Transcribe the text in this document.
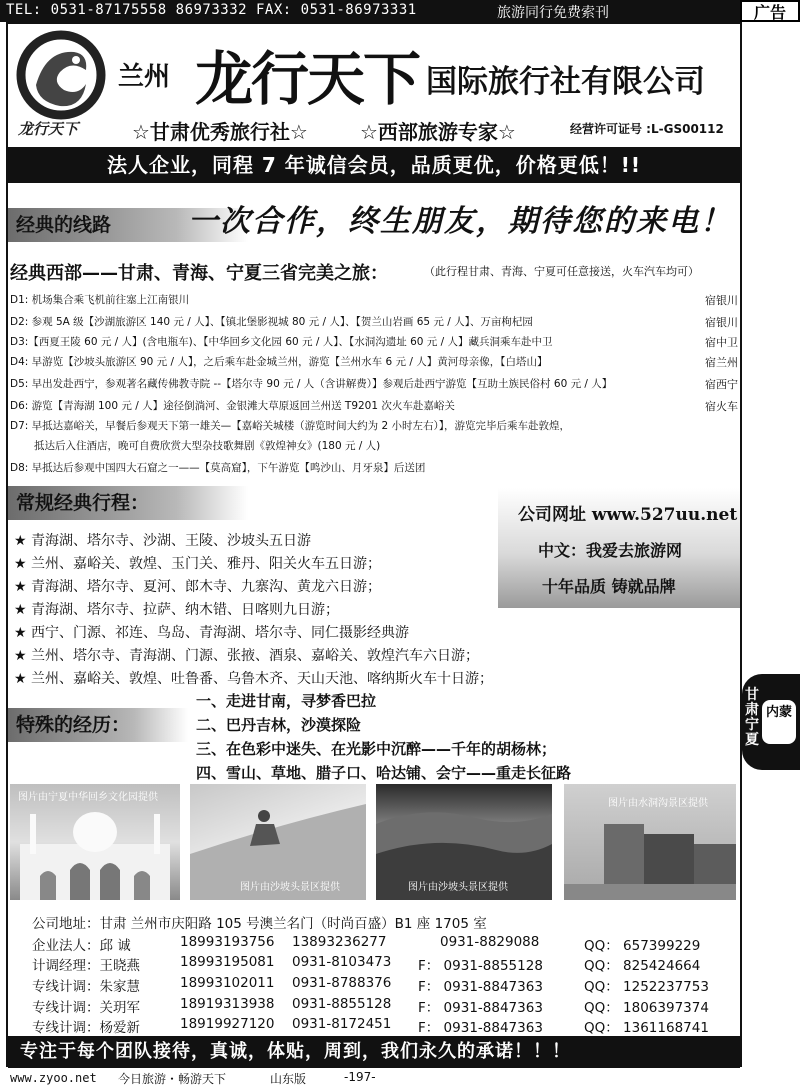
TEL: 0531-87175558 86973332 FAX: 0531-86973331	旅游同行免费索刊	广告
龙行天下
兰州 龙行天下 国际旅行社有限公司
☆甘肃优秀旅行社☆	☆西部旅游专家☆	经营许可证号 :L-GS00112
法人企业，同程 7 年诚信会员，品质更优，价格更低！!!
经典的线路	一次合作，终生朋友，期待您的来电！
经典西部——甘肃、青海、宁夏三省完美之旅：	（此行程甘肃、青海、宁夏可任意接送，火车汽车均可）
D1: 机场集合乘飞机前往塞上江南银川	宿银川
D2: 参观 5A 级【沙湖旅游区 140 元 / 人】、【镇北堡影视城 80 元 / 人】、【贺兰山岩画 65 元 / 人】、万亩枸杞园	宿银川
D3:【西夏王陵 60 元 / 人】(含电瓶车)、【中华回乡文化园 60 元 / 人】、【水洞沟遗址 60 元 / 人】藏兵洞乘车赴中卫	宿中卫
D4: 早游览【沙坡头旅游区 90 元 / 人】，之后乘车赴金城兰州，游览【兰州水车 6 元 / 人】黄河母亲像，【白塔山】	宿兰州
D5: 早出发赴西宁，参观著名藏传佛教寺院 --【塔尔寺 90 元 / 人（含讲解费）】参观后赴西宁游览【互助土族民俗村 60 元 / 人】	宿西宁
D6: 游览【青海湖 100 元 / 人】途径倒淌河、金银滩大草原返回兰州送 T9201 次火车赴嘉峪关	宿火车
D7: 早抵达嘉峪关，早餐后参观天下第一雄关—【嘉峪关城楼（游览时间大约为 2 小时左右）】，游览完毕后乘车赴敦煌，
抵达后入住酒店，晚可自费欣赏大型杂技歌舞剧《敦煌神女》(180 元 / 人)
D8: 早抵达后参观中国四大石窟之一——【莫高窟】，下午游览【鸣沙山、月牙泉】后送团
常规经典行程：
★ 青海湖、塔尔寺、沙湖、王陵、沙坡头五日游
★ 兰州、嘉峪关、敦煌、玉门关、雅丹、阳关火车五日游；
★ 青海湖、塔尔寺、夏河、郎木寺、九寨沟、黄龙六日游；
★ 青海湖、塔尔寺、拉萨、纳木错、日喀则九日游；
★ 西宁、门源、祁连、鸟岛、青海湖、塔尔寺、同仁摄影经典游
★ 兰州、塔尔寺、青海湖、门源、张掖、酒泉、嘉峪关、敦煌汽车六日游；
★ 兰州、嘉峪关、敦煌、吐鲁番、乌鲁木齐、天山天池、喀纳斯火车十日游；
公司网址 www.527uu.net
中文：我爱去旅游网
十年品质 铸就品牌
特殊的经历：
一、走进甘南，寻梦香巴拉
二、巴丹吉林，沙漠探险
三、在色彩中迷失、在光影中沉醉——千年的胡杨林；
四、雪山、草地、腊子口、哈达铺、会宁——重走长征路
甘肃宁夏
内蒙
图片由宁夏中华回乡文化园提供
图片由沙坡头景区提供	图片由沙坡头景区提供
图片由水洞沟景区提供
公司地址：甘肃 兰州市庆阳路 105 号澳兰名门（时尚百盛）B1 座 1705 室
企业法人：邱 诚	18993193756 13893236277	0931-8829088	QQ： 657399229
计调经理：王晓燕	18993195081 0931-8103473 F： 0931-8855128	QQ： 825424664
专线计调：朱家慧	18993102011 0931-8788376 F： 0931-8847363	QQ： 1252237753
专线计调：关玥军	18919313938 0931-8855128 F： 0931-8847363	QQ： 1806397374
专线计调：杨爱新	18919927120 0931-8172451 F： 0931-8847363	QQ： 1361168741
专注于每个团队接待，真诚，体贴，周到，我们永久的承诺！！！
www.zyoo.net 今日旅游・畅游天下	山东版	-197-
